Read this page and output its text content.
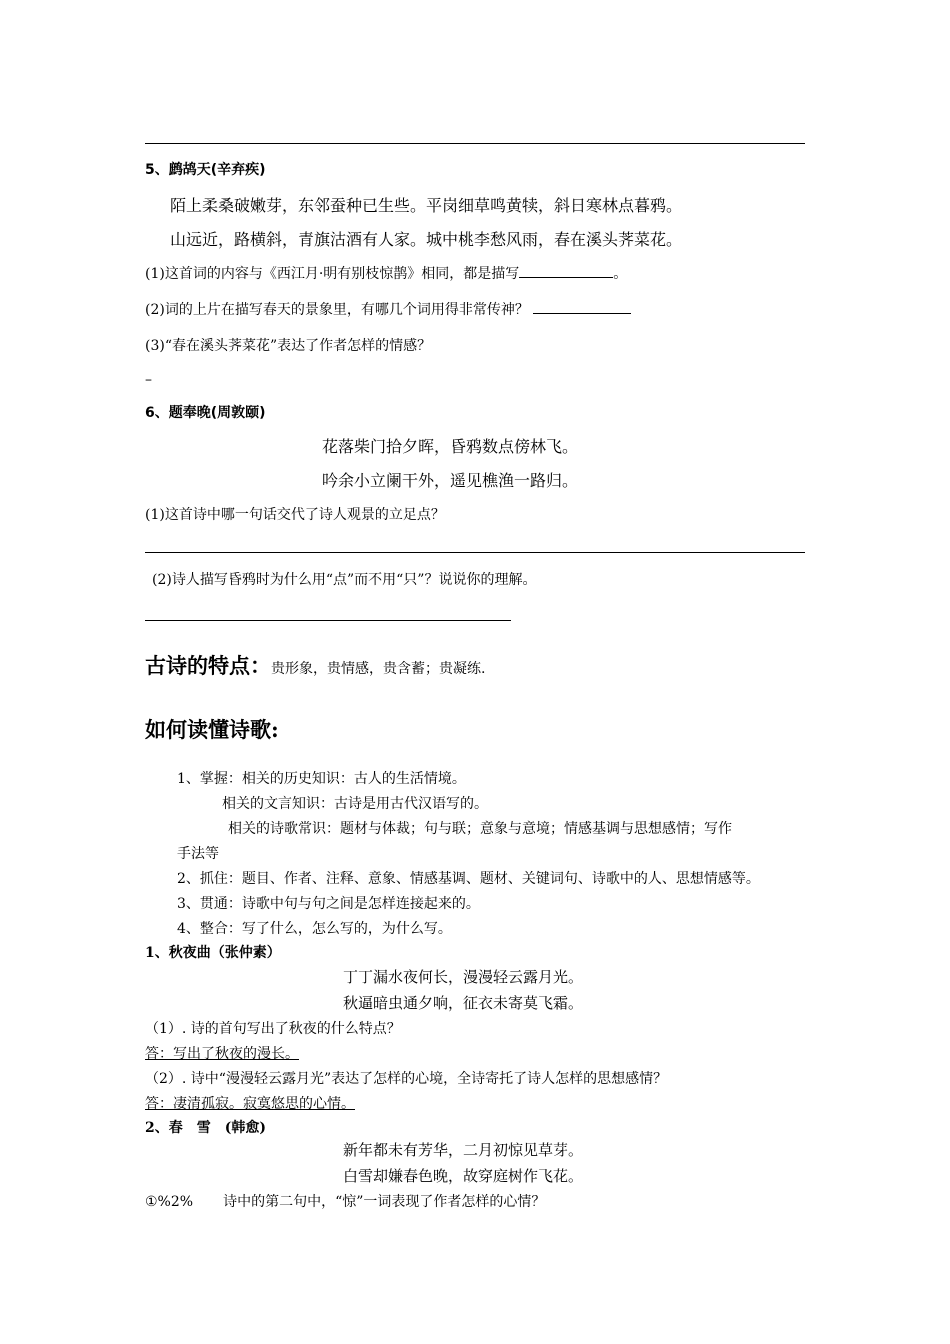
5、鹧鸪天(辛弃疾)
陌上柔桑破嫩芽，东邻蚕种已生些。平岗细草鸣黄犊，斜日寒林点暮鸦。
山远近，路横斜，青旗沽酒有人家。城中桃李愁风雨，春在溪头荠菜花。
(1)这首词的内容与《西江月·明有别枝惊鹊》相同，都是描写	。
(2)词的上片在描写春天的景象里，有哪几个词用得非常传神？
(3)“春在溪头荠菜花”表达了作者怎样的情感？
–
6、题奉晚(周敦颐)
花落柴门拾夕晖，昏鸦数点傍林飞。
吟余小立阑干外，遥见樵渔一路归。
(1)这首诗中哪一句话交代了诗人观景的立足点？
(2)诗人描写昏鸦时为什么用“点”而不用“只”？说说你的理解。
古诗的特点：贵形象，贵情感，贵含蓄；贵凝练.
如何读懂诗歌:
1、掌握：相关的历史知识：古人的生活情境。
相关的文言知识：古诗是用古代汉语写的。
相关的诗歌常识：题材与体裁；句与联；意象与意境；情感基调与思想感情；写作
手法等
2、抓住：题目、作者、注释、意象、情感基调、题材、关键词句、诗歌中的人、思想情感等。
3、贯通：诗歌中句与句之间是怎样连接起来的。
4、整合：写了什么，怎么写的，为什么写。
1、秋夜曲（张仲素）
丁丁漏水夜何长，漫漫轻云露月光。
秋逼暗虫通夕响，征衣未寄莫飞霜。
（1）. 诗的首句写出了秋夜的什么特点？
答：写出了秋夜的漫长。
（2）. 诗中“漫漫轻云露月光”表达了怎样的心境，全诗寄托了诗人怎样的思想感情？
答：凄清孤寂。寂寞悠思的心情。
2、春　雪　(韩愈)
新年都未有芳华，二月初惊见草芽。
白雪却嫌春色晚，故穿庭树作飞花。
①%2% 诗中的第二句中，“惊”一词表现了作者怎样的心情？
